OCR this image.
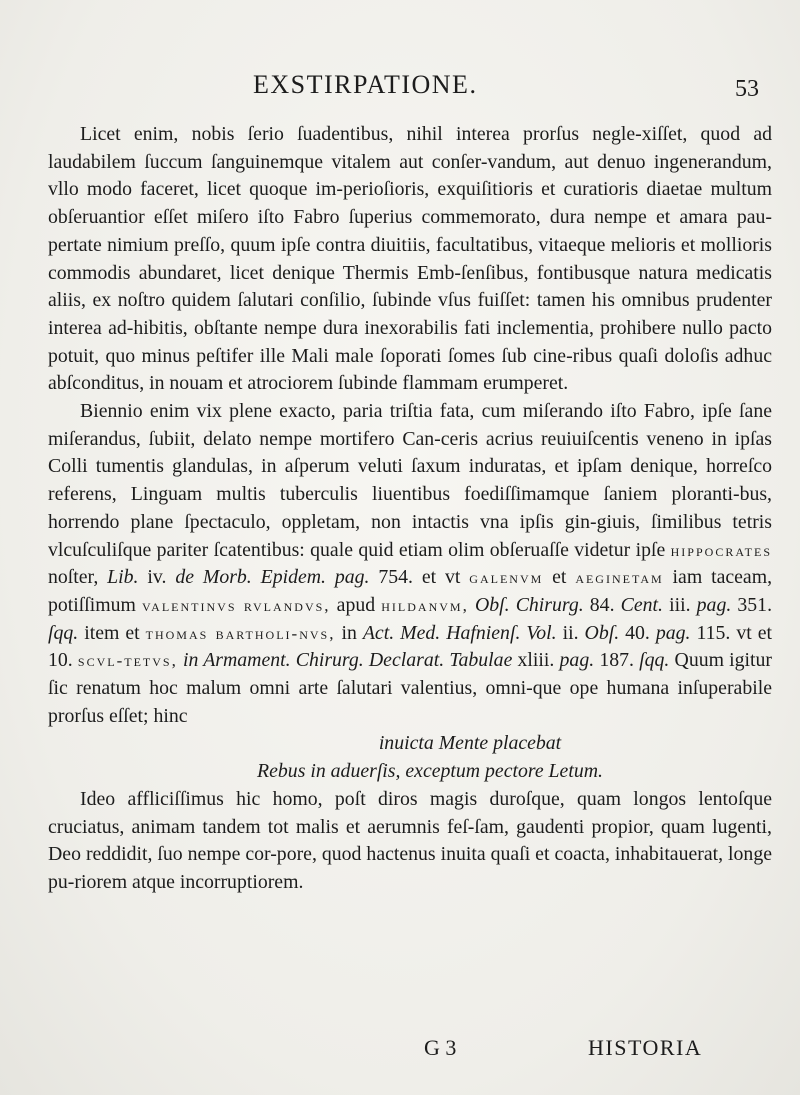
EXSTIRPATIONE.	53

Licet enim, nobis ſerio ſuadentibus, nihil interea prorſus negle-xiſſet, quod ad laudabilem ſuccum ſanguinemque vitalem aut conſer-vandum, aut denuo ingenerandum, vllo modo faceret, licet quoque im-perioſioris, exquiſitioris et curatioris diaetae multum obſeruantior eſſet miſero iſto Fabro ſuperius commemorato, dura nempe et amara pau-pertate nimium preſſo, quum ipſe contra diuitiis, facultatibus, vitaeque melioris et mollioris commodis abundaret, licet denique Thermis Emb-ſenſibus, fontibusque natura medicatis aliis, ex noſtro quidem ſalutari conſilio, ſubinde vſus fuiſſet: tamen his omnibus prudenter interea ad-hibitis, obſtante nempe dura inexorabilis fati inclementia, prohibere nullo pacto potuit, quo minus peſtifer ille Mali male ſoporati ſomes ſub cine-ribus quaſi doloſis adhuc abſconditus, in nouam et atrociorem ſubinde flammam erumperet.

Biennio enim vix plene exacto, paria triſtia fata, cum miſerando iſto Fabro, ipſe ſane miſerandus, ſubiit, delato nempe mortifero Can-ceris acrius reuiuiſcentis veneno in ipſas Colli tumentis glandulas, in aſperum veluti ſaxum induratas, et ipſam denique, horreſco referens, Linguam multis tuberculis liuentibus foediſſimamque ſaniem ploranti-bus, horrendo plane ſpectaculo, oppletam, non intactis vna ipſis gin-giuis, ſimilibus tetris vlcuſculiſque pariter ſcatentibus: quale quid etiam olim obſeruaſſe videtur ipſe hippocrates noſter, Lib. iv. de Morb. Epidem. pag. 754. et vt galenvm et aeginetam iam taceam, potiſſimum valentinvs rvlandvs, apud hildanvm, Obſ. Chirurg. 84. Cent. iii. pag. 351. ſqq. item et thomas bartholi-nvs, in Act. Med. Hafnienſ. Vol. ii. Obſ. 40. pag. 115. vt et 10. scvl-tetvs, in Armament. Chirurg. Declarat. Tabulae xliii. pag. 187. ſqq. Quum igitur ſic renatum hoc malum omni arte ſalutari valentius, omni-que ope humana inſuperabile prorſus eſſet; hinc

inuicta Mente placebat

Rebus in aduerſis, exceptum pectore Letum.

Ideo affliciſſimus hic homo, poſt diros magis duroſque, quam longos lentoſque cruciatus, animam tandem tot malis et aerumnis feſ-ſam, gaudenti propior, quam lugenti, Deo reddidit, ſuo nempe cor-pore, quod hactenus inuita quaſi et coacta, inhabitauerat, longe pu-riorem atque incorruptiorem.

G 3	HISTORIA
